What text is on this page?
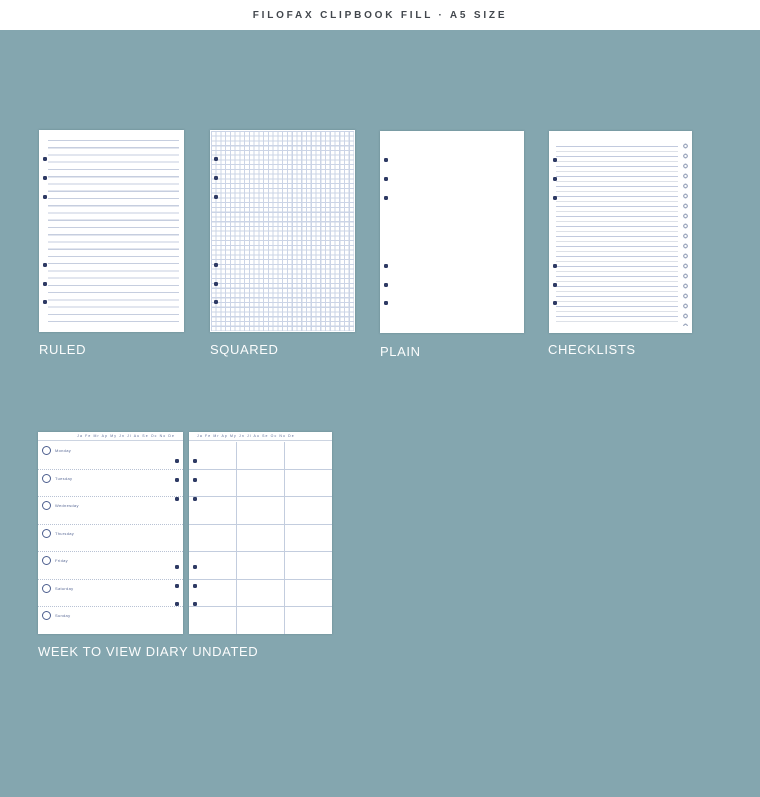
FILOFAX CLIPBOOK FILL · A5 SIZE
RULED	SQUARED	PLAIN	CHECKLISTS
Ja Fe Mr Ap My Jn Jl Au Se Oc No De
Monday
Tuesday
Wednesday
Thursday
Friday
Saturday
Sunday
Ja Fe Mr Ap My Jn Jl Au Se Oc No De
WEEK TO VIEW DIARY UNDATED
